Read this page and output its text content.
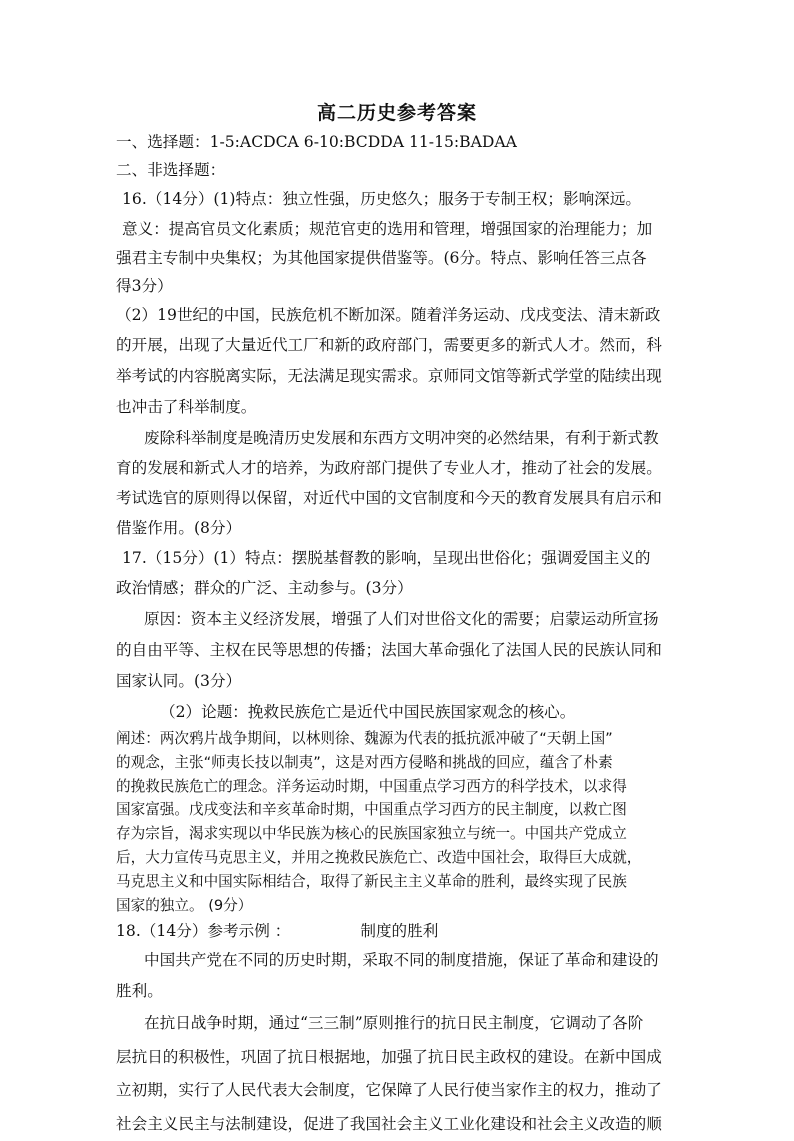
高二历史参考答案

一、选择题：1-5:ACDCA 6-10:BCDDA 11-15:BADAA

二、非选择题：

16.（14分）(1)特点：独立性强，历史悠久；服务于专制王权；影响深远。

意义：提高官员文化素质；规范官吏的选用和管理，增强国家的治理能力；加

强君主专制中央集权；为其他国家提供借鉴等。(6分。特点、影响任答三点各

得3分）

（2）19世纪的中国，民族危机不断加深。随着洋务运动、戊戌变法、清末新政

的开展，出现了大量近代工厂和新的政府部门，需要更多的新式人才。然而，科

举考试的内容脱离实际，无法满足现实需求。京师同文馆等新式学堂的陆续出现

也冲击了科举制度。

废除科举制度是晚清历史发展和东西方文明冲突的必然结果，有利于新式教

育的发展和新式人才的培养，为政府部门提供了专业人才，推动了社会的发展。

考试选官的原则得以保留，对近代中国的文官制度和今天的教育发展具有启示和

借鉴作用。(8分）

17.（15分）(1）特点：摆脱基督教的影响，呈现出世俗化；强调爱国主义的

政治情感；群众的广泛、主动参与。(3分）

原因：资本主义经济发展，增强了人们对世俗文化的需要；启蒙运动所宣扬

的自由平等、主权在民等思想的传播；法国大革命强化了法国人民的民族认同和

国家认同。(3分）

（2）论题：挽救民族危亡是近代中国民族国家观念的核心。

阐述：两次鸦片战争期间，以林则徐、魏源为代表的抵抗派冲破了“天朝上国”

的观念，主张“师夷长技以制夷”，这是对西方侵略和挑战的回应，蕴含了朴素

的挽救民族危亡的理念。洋务运动时期，中国重点学习西方的科学技术，以求得

国家富强。戊戌变法和辛亥革命时期，中国重点学习西方的民主制度，以救亡图

存为宗旨，渴求实现以中华民族为核心的民族国家独立与统一。中国共产党成立

后，大力宣传马克思主义，并用之挽救民族危亡、改造中国社会，取得巨大成就，

马克思主义和中国实际相结合，取得了新民主主义革命的胜利，最终实现了民族

国家的独立。 (9分）

18.（14分）参考示例 ：	制度的胜利

中国共产党在不同的历史时期，采取不同的制度措施，保证了革命和建设的

胜利。

在抗日战争时期，通过“三三制”原则推行的抗日民主制度，它调动了各阶

层抗日的积极性，巩固了抗日根据地，加强了抗日民主政权的建设。在新中国成

立初期，实行了人民代表大会制度，它保障了人民行使当家作主的权力，推动了

社会主义民主与法制建设，促进了我国社会主义工业化建设和社会主义改造的顺
